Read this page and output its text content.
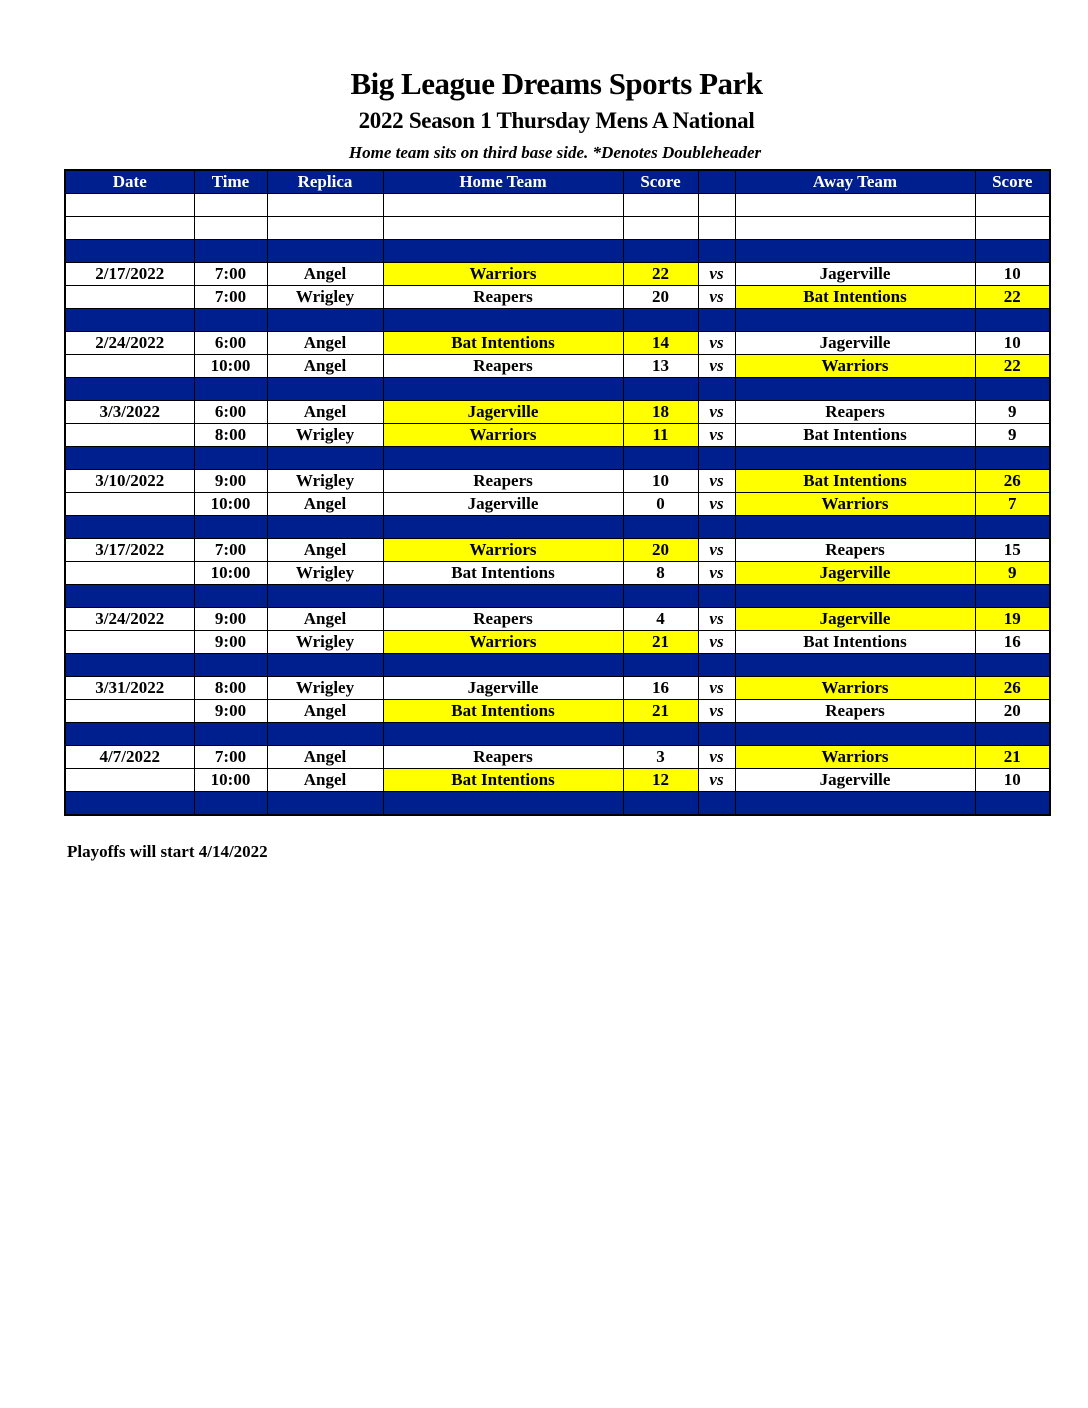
Big League Dreams Sports Park
2022 Season 1 Thursday Mens A National
Home team sits on third base side. *Denotes Doubleheader
Date	Time	Replica	Home Team	Score		Away Team	Score

2/17/2022	7:00	Angel	Warriors	22	vs	Jagerville	10
	7:00	Wrigley	Reapers	20	vs	Bat Intentions	22

2/24/2022	6:00	Angel	Bat Intentions	14	vs	Jagerville	10
	10:00	Angel	Reapers	13	vs	Warriors	22

3/3/2022	6:00	Angel	Jagerville	18	vs	Reapers	9
	8:00	Wrigley	Warriors	11	vs	Bat Intentions	9

3/10/2022	9:00	Wrigley	Reapers	10	vs	Bat Intentions	26
	10:00	Angel	Jagerville	0	vs	Warriors	7

3/17/2022	7:00	Angel	Warriors	20	vs	Reapers	15
	10:00	Wrigley	Bat Intentions	8	vs	Jagerville	9

3/24/2022	9:00	Angel	Reapers	4	vs	Jagerville	19
	9:00	Wrigley	Warriors	21	vs	Bat Intentions	16

3/31/2022	8:00	Wrigley	Jagerville	16	vs	Warriors	26
	9:00	Angel	Bat Intentions	21	vs	Reapers	20

4/7/2022	7:00	Angel	Reapers	3	vs	Warriors	21
	10:00	Angel	Bat Intentions	12	vs	Jagerville	10

Playoffs will start 4/14/2022
